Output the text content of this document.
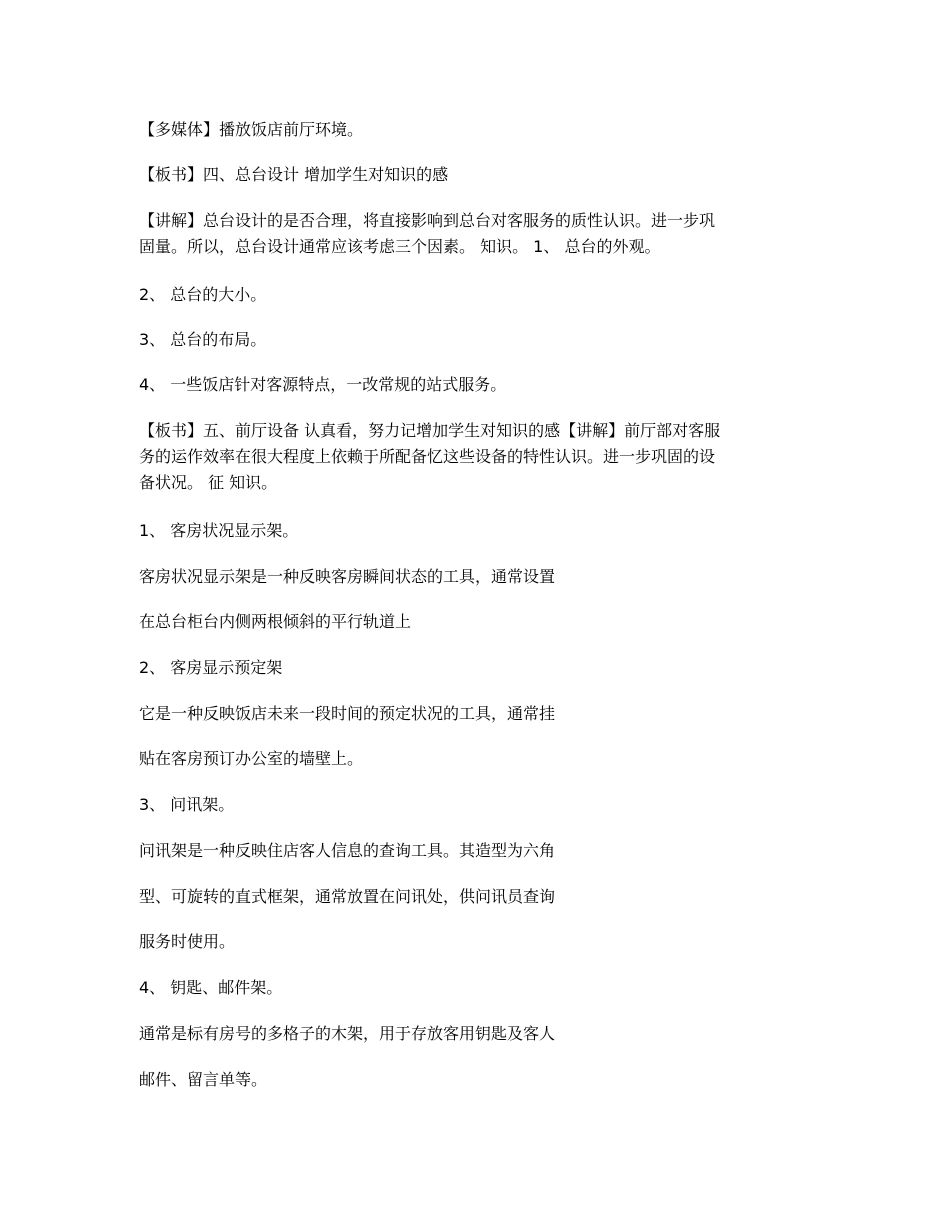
【多媒体】播放饭店前厅环境。

【板书】四、总台设计 增加学生对知识的感

【讲解】总台设计的是否合理，将直接影响到总台对客服务的质性认识。进一步巩
固量。所以，总台设计通常应该考虑三个因素。 知识。 1、 总台的外观。

2、 总台的大小。

3、 总台的布局。

4、 一些饭店针对客源特点，一改常规的站式服务。

【板书】五、前厅设备 认真看，努力记增加学生对知识的感【讲解】前厅部对客服
务的运作效率在很大程度上依赖于所配备忆这些设备的特性认识。进一步巩固的设
备状况。 征 知识。

1、 客房状况显示架。

客房状况显示架是一种反映客房瞬间状态的工具，通常设置

在总台柜台内侧两根倾斜的平行轨道上

2、 客房显示预定架

它是一种反映饭店未来一段时间的预定状况的工具，通常挂

贴在客房预订办公室的墙壁上。

3、 问讯架。

问讯架是一种反映住店客人信息的查询工具。其造型为六角

型、可旋转的直式框架，通常放置在问讯处，供问讯员查询

服务时使用。

4、 钥匙、邮件架。

通常是标有房号的多格子的木架，用于存放客用钥匙及客人

邮件、留言单等。
